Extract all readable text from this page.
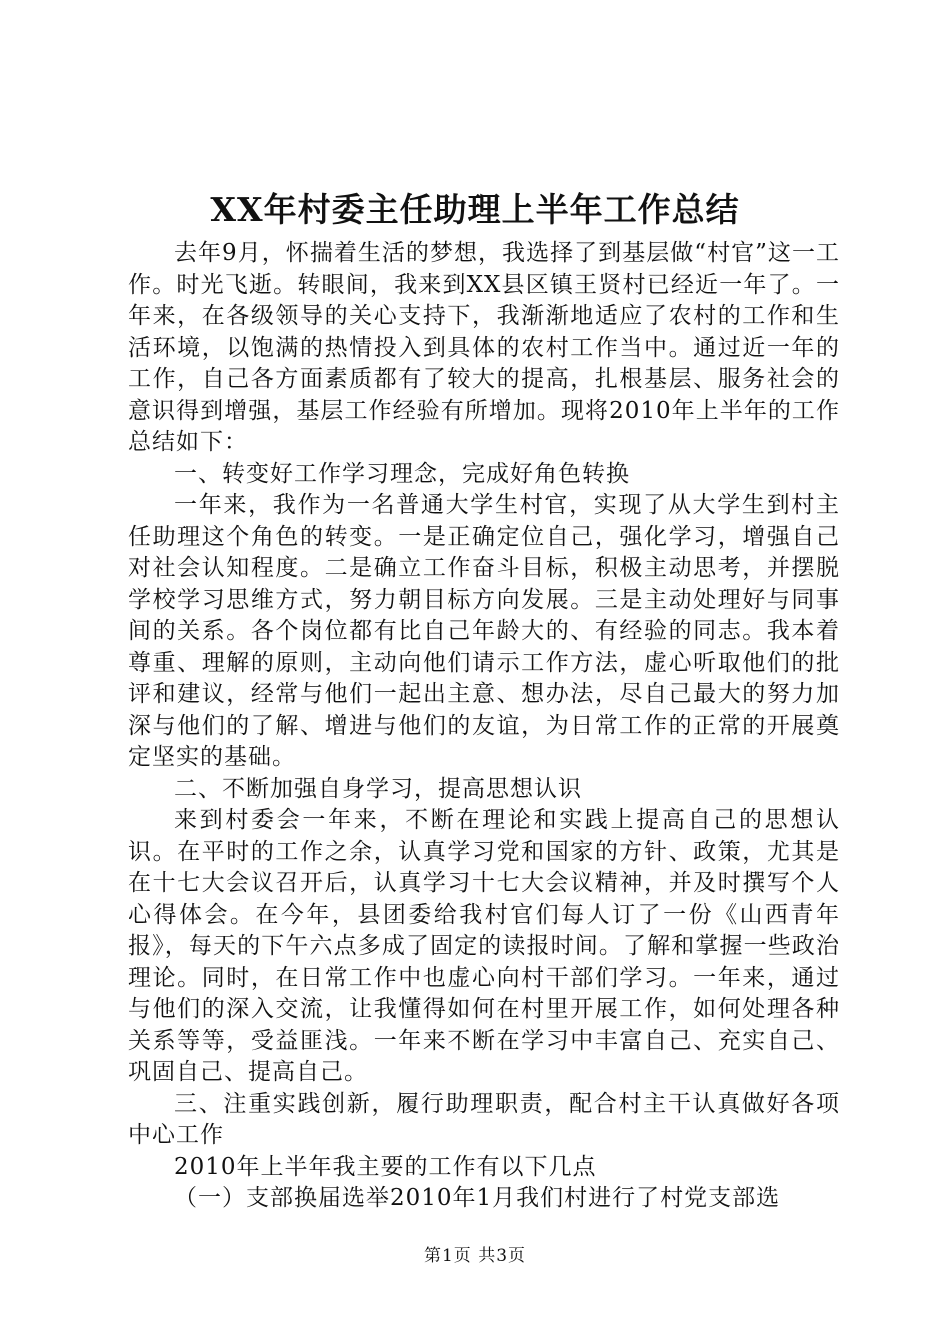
XX年村委主任助理上半年工作总结

去年9月，怀揣着生活的梦想，我选择了到基层做“村官”这一工作。时光飞逝。转眼间，我来到XX县区镇王贤村已经近一年了。一年来，在各级领导的关心支持下，我渐渐地适应了农村的工作和生活环境，以饱满的热情投入到具体的农村工作当中。通过近一年的工作，自己各方面素质都有了较大的提高，扎根基层、服务社会的意识得到增强，基层工作经验有所增加。现将2010年上半年的工作总结如下：

一、转变好工作学习理念，完成好角色转换

一年来，我作为一名普通大学生村官，实现了从大学生到村主任助理这个角色的转变。一是正确定位自己，强化学习，增强自己对社会认知程度。二是确立工作奋斗目标，积极主动思考，并摆脱学校学习思维方式，努力朝目标方向发展。三是主动处理好与同事间的关系。各个岗位都有比自己年龄大的、有经验的同志。我本着尊重、理解的原则，主动向他们请示工作方法，虚心听取他们的批评和建议，经常与他们一起出主意、想办法，尽自己最大的努力加深与他们的了解、增进与他们的友谊，为日常工作的正常的开展奠定坚实的基础。

二、不断加强自身学习，提高思想认识

来到村委会一年来，不断在理论和实践上提高自己的思想认识。在平时的工作之余，认真学习党和国家的方针、政策，尤其是在十七大会议召开后，认真学习十七大会议精神，并及时撰写个人心得体会。在今年，县团委给我村官们每人订了一份《山西青年报》，每天的下午六点多成了固定的读报时间。了解和掌握一些政治理论。同时，在日常工作中也虚心向村干部们学习。一年来，通过与他们的深入交流，让我懂得如何在村里开展工作，如何处理各种关系等等，受益匪浅。一年来不断在学习中丰富自己、充实自己、巩固自己、提高自己。

三、注重实践创新，履行助理职责，配合村主干认真做好各项中心工作

2010年上半年我主要的工作有以下几点

（一）支部换届选举2010年1月我们村进行了村党支部选

第1页 共3页
